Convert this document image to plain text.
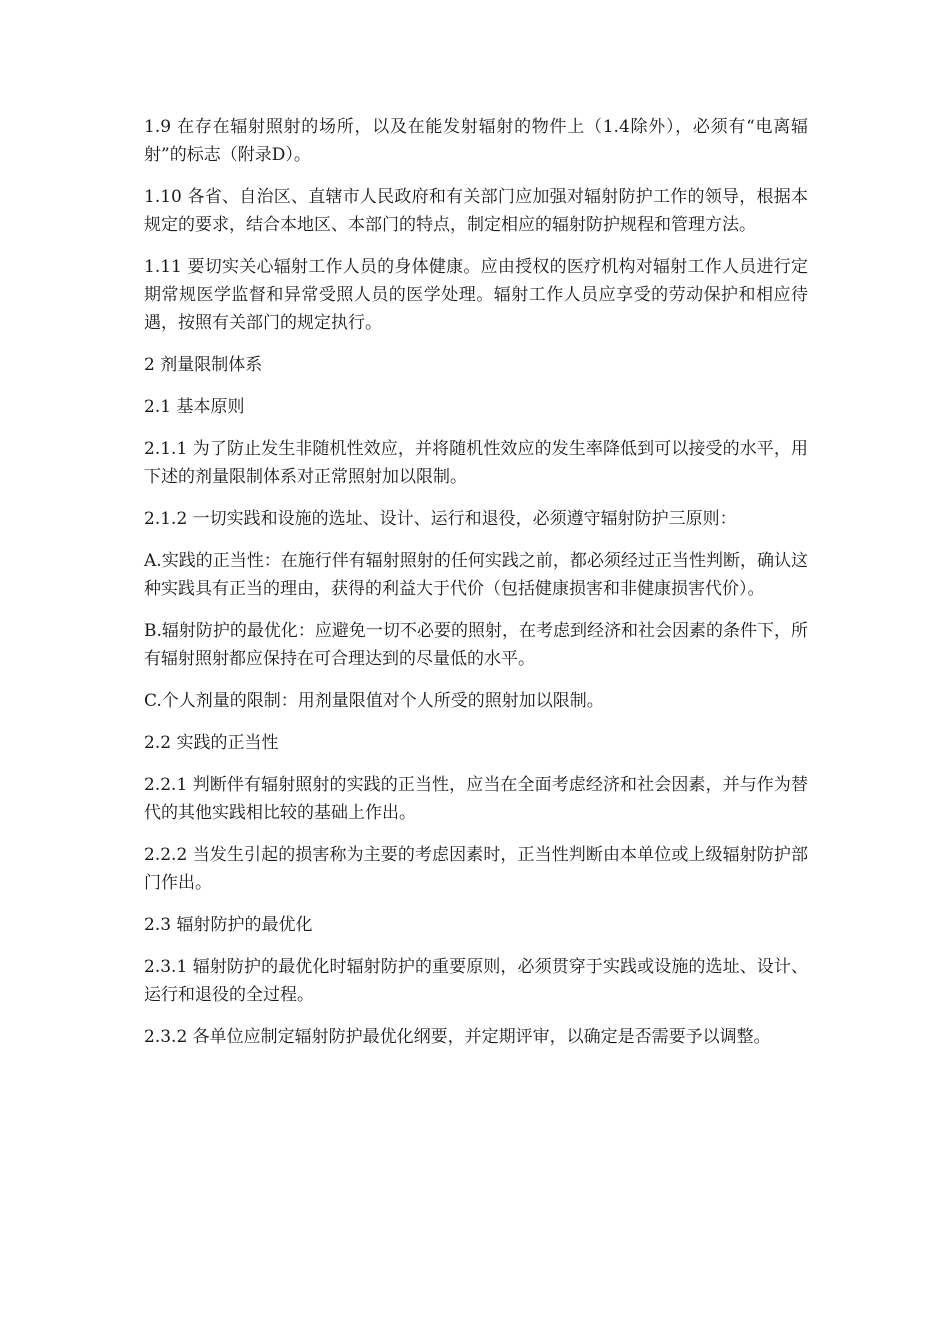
1.9 在存在辐射照射的场所，以及在能发射辐射的物件上（1.4除外），必须有“电离辐射”的标志（附录D）。

1.10 各省、自治区、直辖市人民政府和有关部门应加强对辐射防护工作的领导，根据本规定的要求，结合本地区、本部门的特点，制定相应的辐射防护规程和管理方法。

1.11 要切实关心辐射工作人员的身体健康。应由授权的医疗机构对辐射工作人员进行定期常规医学监督和异常受照人员的医学处理。辐射工作人员应享受的劳动保护和相应待遇，按照有关部门的规定执行。

2 剂量限制体系

2.1 基本原则

2.1.1 为了防止发生非随机性效应，并将随机性效应的发生率降低到可以接受的水平，用下述的剂量限制体系对正常照射加以限制。

2.1.2 一切实践和设施的选址、设计、运行和退役，必须遵守辐射防护三原则：

A.实践的正当性：在施行伴有辐射照射的任何实践之前，都必须经过正当性判断，确认这种实践具有正当的理由，获得的利益大于代价（包括健康损害和非健康损害代价）。

B.辐射防护的最优化：应避免一切不必要的照射，在考虑到经济和社会因素的条件下，所有辐射照射都应保持在可合理达到的尽量低的水平。

C.个人剂量的限制：用剂量限值对个人所受的照射加以限制。

2.2 实践的正当性

2.2.1 判断伴有辐射照射的实践的正当性，应当在全面考虑经济和社会因素，并与作为替代的其他实践相比较的基础上作出。

2.2.2 当发生引起的损害称为主要的考虑因素时，正当性判断由本单位或上级辐射防护部门作出。

2.3 辐射防护的最优化

2.3.1 辐射防护的最优化时辐射防护的重要原则，必须贯穿于实践或设施的选址、设计、运行和退役的全过程。

2.3.2 各单位应制定辐射防护最优化纲要，并定期评审，以确定是否需要予以调整。
